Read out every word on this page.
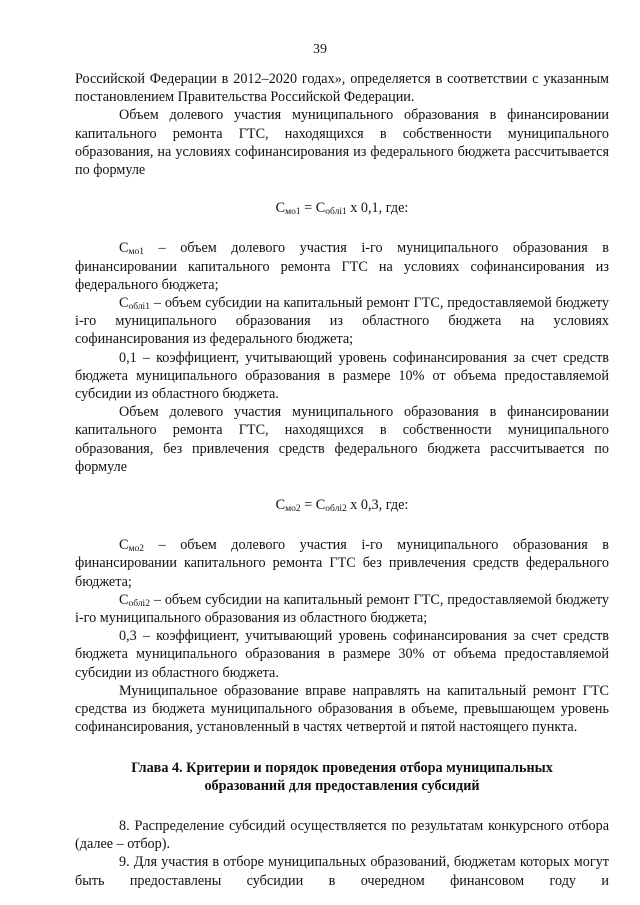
39

Российской Федерации в 2012–2020 годах», определяется в соответствии с указанным постановлением Правительства Российской Федерации.

Объем долевого участия муниципального образования в финансировании капитального ремонта ГТС, находящихся в собственности муниципального образования, на условиях софинансирования из федерального бюджета рассчитывается по формуле

$С_{мо1} = С_{облi1}$ х 0,1, где:

$С_{мо1}$ – объем долевого участия i-го муниципального образования в финансировании капитального ремонта ГТС на условиях софинансирования из федерального бюджета;

$С_{облi1}$ – объем субсидии на капитальный ремонт ГТС, предоставляемой бюджету i-го муниципального образования из областного бюджета на условиях софинансирования из федерального бюджета;

0,1 – коэффициент, учитывающий уровень софинансирования за счет средств бюджета муниципального образования в размере 10% от объема предоставляемой субсидии из областного бюджета.

Объем долевого участия муниципального образования в финансировании капитального ремонта ГТС, находящихся в собственности муниципального образования, без привлечения средств федерального бюджета рассчитывается по формуле

$С_{мо2} = С_{облi2}$ х 0,3, где:

$С_{мо2}$ – объем долевого участия i-го муниципального образования в финансировании капитального ремонта ГТС без привлечения средств федерального бюджета;

$С_{облi2}$ – объем субсидии на капитальный ремонт ГТС, предоставляемой бюджету i-го муниципального образования из областного бюджета;

0,3 – коэффициент, учитывающий уровень софинансирования за счет средств бюджета муниципального образования в размере 30% от объема предоставляемой субсидии из областного бюджета.

Муниципальное образование вправе направлять на капитальный ремонт ГТС средства из бюджета муниципального образования в объеме, превышающем уровень софинансирования, установленный в частях четвертой и пятой настоящего пункта.

Глава 4. Критерии и порядок проведения отбора муниципальных
образований для предоставления субсидий

8. Распределение субсидий осуществляется по результатам конкурсного отбора (далее – отбор).

9. Для участия в отборе муниципальных образований, бюджетам которых могут быть предоставлены субсидии в очередном финансовом году и
